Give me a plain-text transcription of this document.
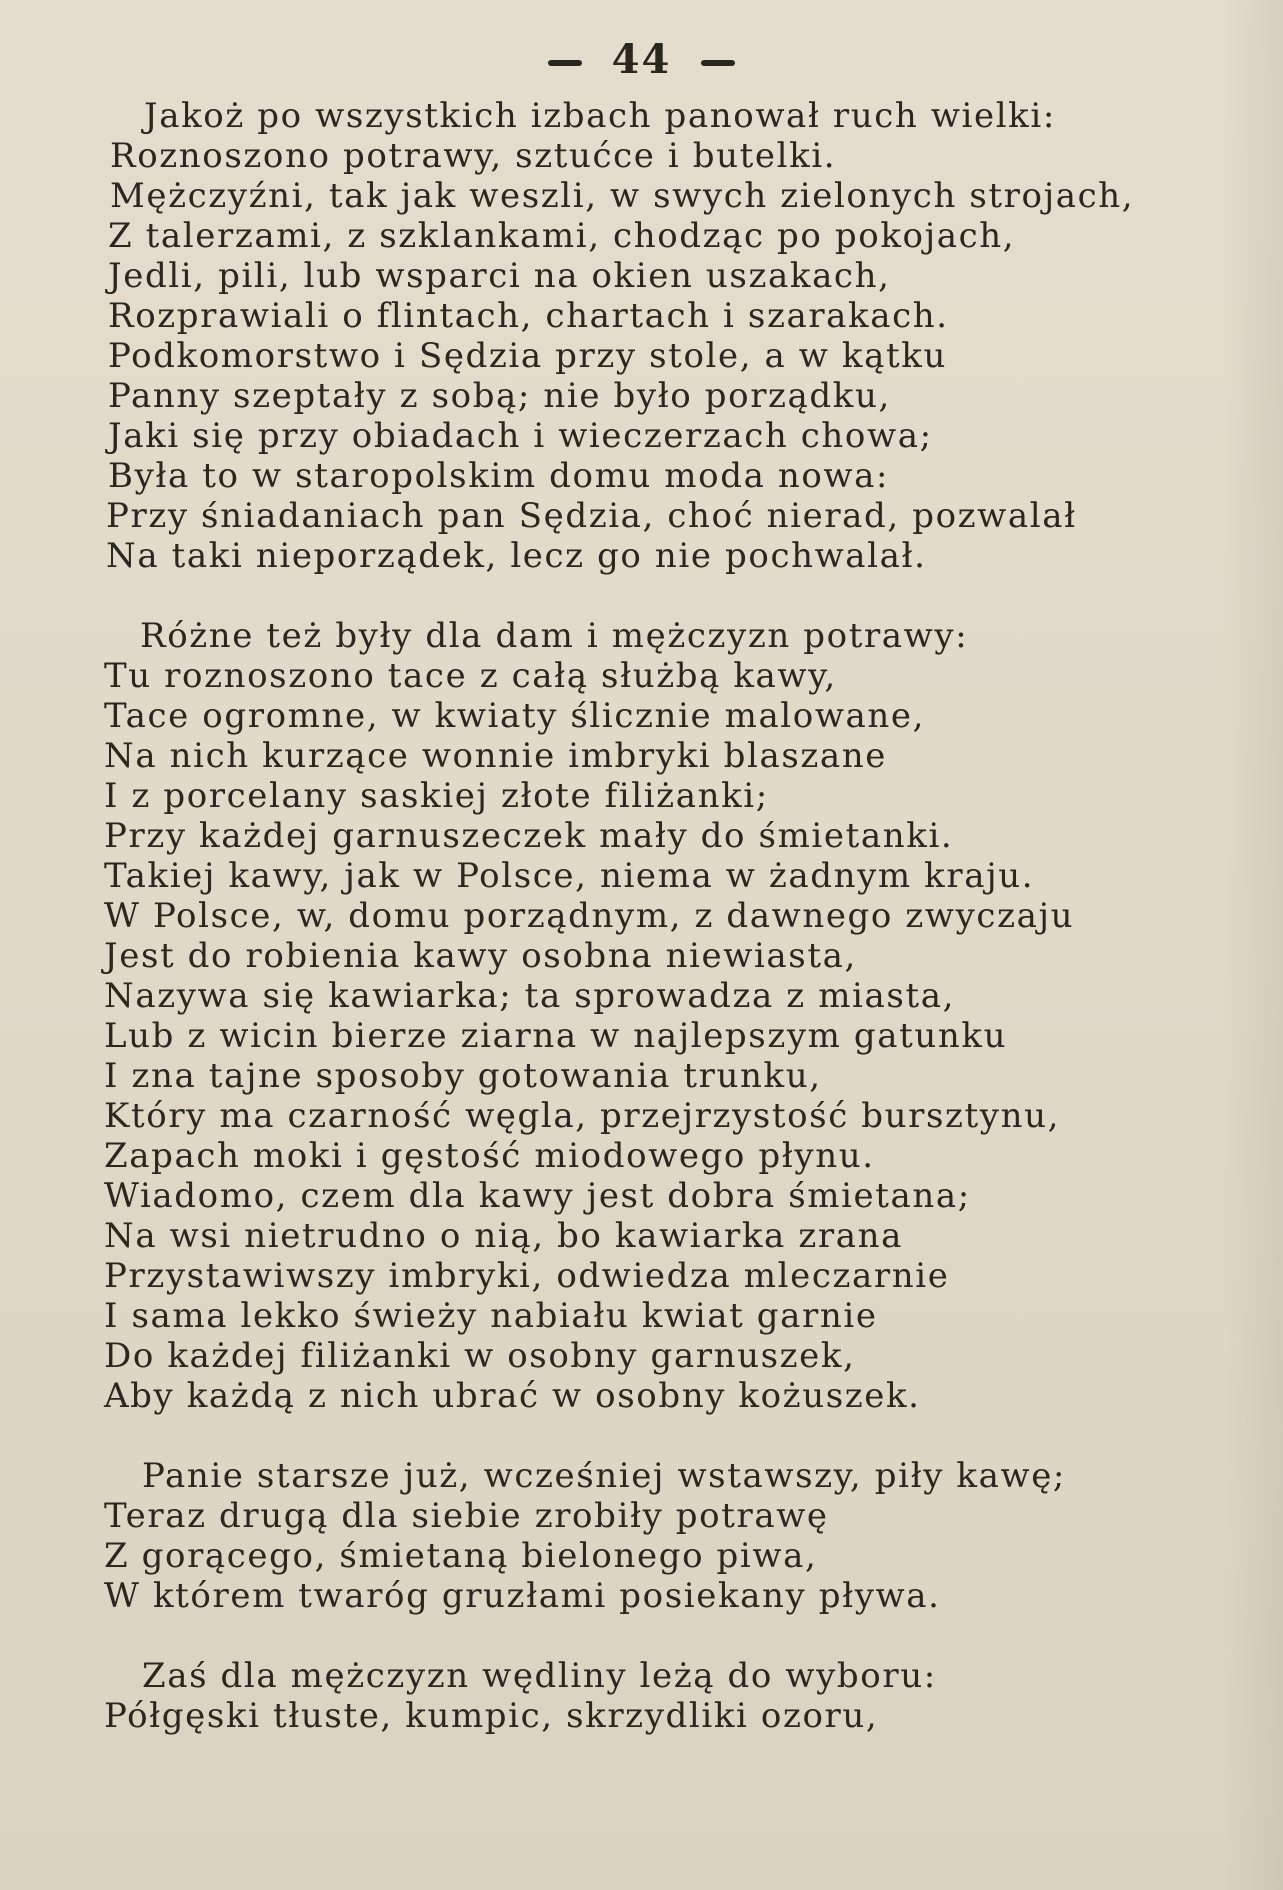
44
Jakoż po wszystkich izbach panował ruch wielki:
Roznoszono potrawy, sztućce i butelki.
Mężczyźni, tak jak weszli, w swych zielonych strojach,
Z talerzami, z szklankami, chodząc po pokojach,
Jedli, pili, lub wsparci na okien uszakach,
Rozprawiali o flintach, chartach i szarakach.
Podkomorstwo i Sędzia przy stole, a w kątku
Panny szeptały z sobą; nie było porządku,
Jaki się przy obiadach i wieczerzach chowa;
Była to w staropolskim domu moda nowa:
Przy śniadaniach pan Sędzia, choć nierad, pozwalał
Na taki nieporządek, lecz go nie pochwalał.
Różne też były dla dam i mężczyzn potrawy:
Tu roznoszono tace z całą służbą kawy,
Tace ogromne, w kwiaty ślicznie malowane,
Na nich kurzące wonnie imbryki blaszane
I z porcelany saskiej złote filiżanki;
Przy każdej garnuszeczek mały do śmietanki.
Takiej kawy, jak w Polsce, niema w żadnym kraju.
W Polsce, w, domu porządnym, z dawnego zwyczaju
Jest do robienia kawy osobna niewiasta,
Nazywa się kawiarka; ta sprowadza z miasta,
Lub z wicin bierze ziarna w najlepszym gatunku
I zna tajne sposoby gotowania trunku,
Który ma czarność węgla, przejrzystość bursztynu,
Zapach moki i gęstość miodowego płynu.
Wiadomo, czem dla kawy jest dobra śmietana;
Na wsi nietrudno o nią, bo kawiarka zrana
Przystawiwszy imbryki, odwiedza mleczarnie
I sama lekko świeży nabiału kwiat garnie
Do każdej filiżanki w osobny garnuszek,
Aby każdą z nich ubrać w osobny kożuszek.
Panie starsze już, wcześniej wstawszy, piły kawę;
Teraz drugą dla siebie zrobiły potrawę
Z gorącego, śmietaną bielonego piwa,
W którem twaróg gruzłami posiekany pływa.
Zaś dla mężczyzn wędliny leżą do wyboru:
Półgęski tłuste, kumpic, skrzydliki ozoru,
